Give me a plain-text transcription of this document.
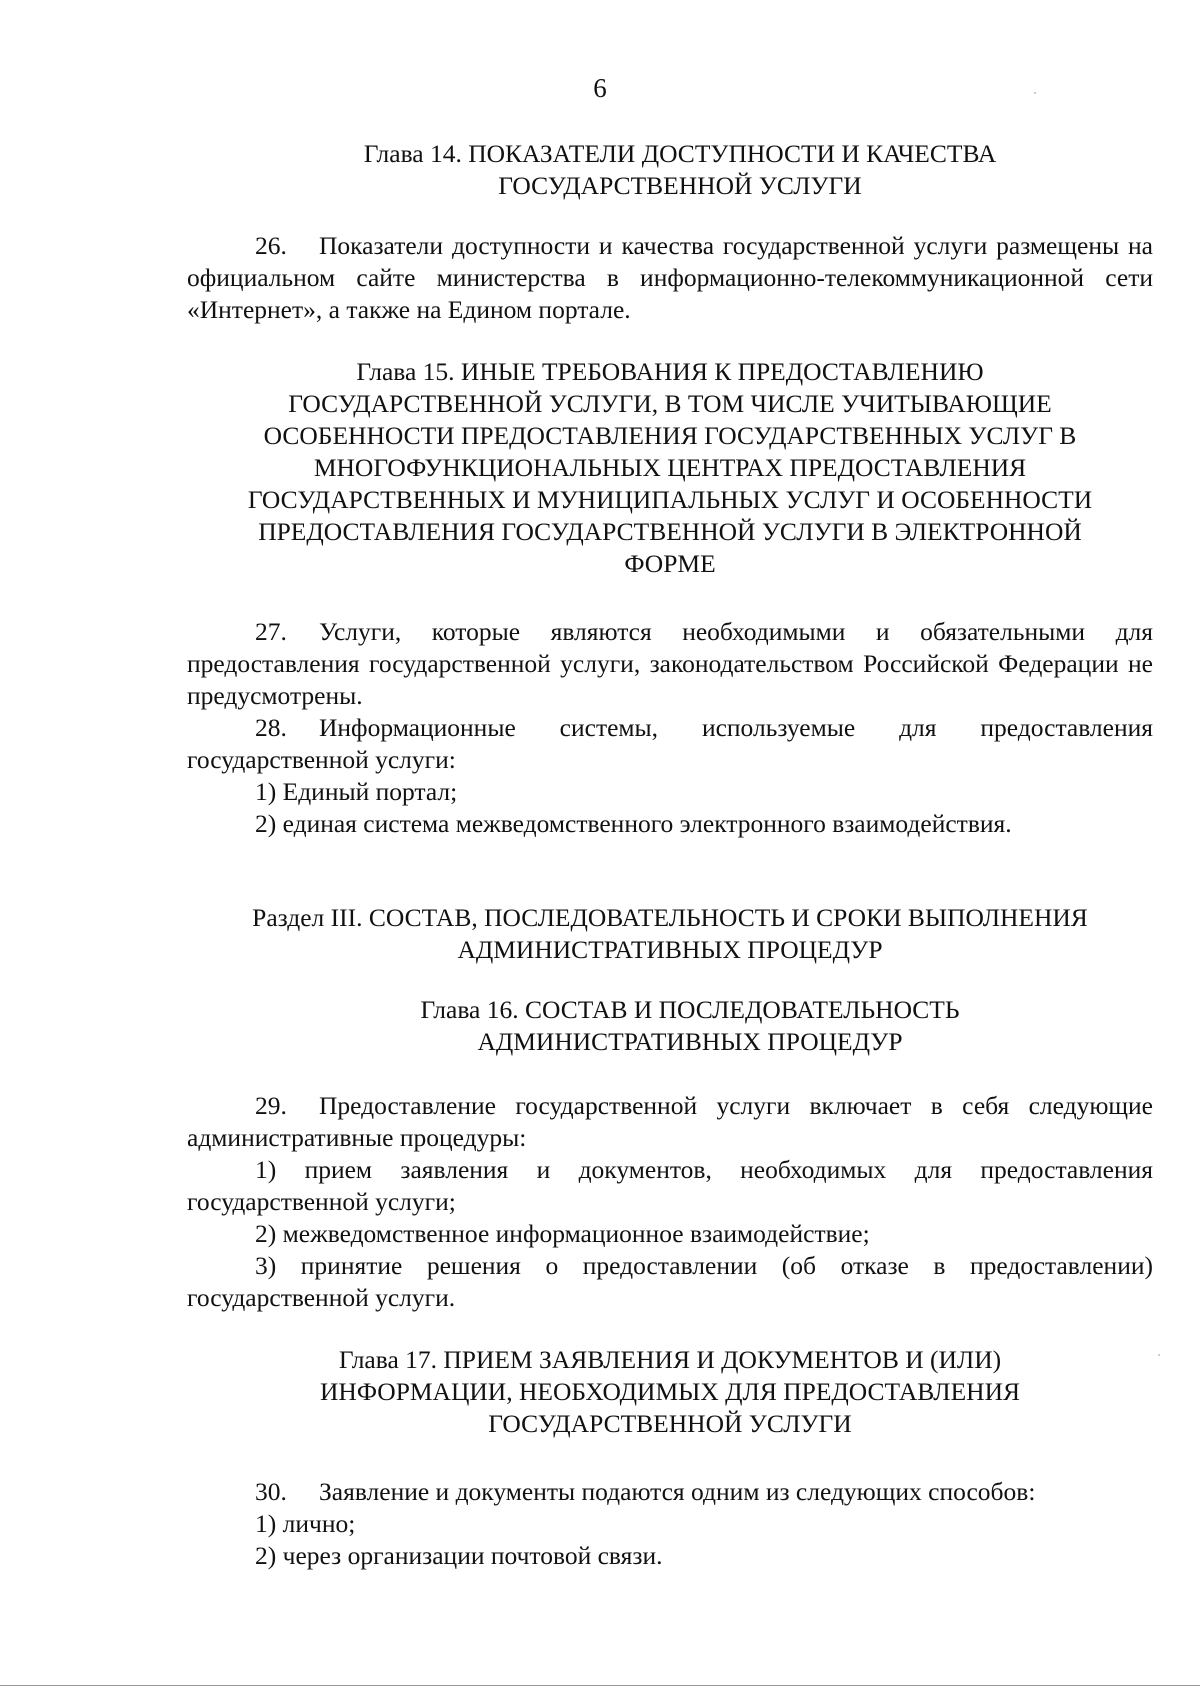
6
Глава 14. ПОКАЗАТЕЛИ ДОСТУПНОСТИ И КАЧЕСТВА
ГОСУДАРСТВЕННОЙ УСЛУГИ

26. Показатели доступности и качества государственной услуги размещены на официальном сайте министерства в информационно-телекоммуникационной сети «Интернет», а также на Едином портале.

Глава 15. ИНЫЕ ТРЕБОВАНИЯ К ПРЕДОСТАВЛЕНИЮ
ГОСУДАРСТВЕННОЙ УСЛУГИ, В ТОМ ЧИСЛЕ УЧИТЫВАЮЩИЕ
ОСОБЕННОСТИ ПРЕДОСТАВЛЕНИЯ ГОСУДАРСТВЕННЫХ УСЛУГ В
МНОГОФУНКЦИОНАЛЬНЫХ ЦЕНТРАХ ПРЕДОСТАВЛЕНИЯ
ГОСУДАРСТВЕННЫХ И МУНИЦИПАЛЬНЫХ УСЛУГ И ОСОБЕННОСТИ
ПРЕДОСТАВЛЕНИЯ ГОСУДАРСТВЕННОЙ УСЛУГИ В ЭЛЕКТРОННОЙ
ФОРМЕ

27. Услуги, которые являются необходимыми и обязательными для предоставления государственной услуги, законодательством Российской Федерации не предусмотрены.

28. Информационные системы, используемые для предоставления государственной услуги:

1) Единый портал;

2) единая система межведомственного электронного взаимодействия.

Раздел III. СОСТАВ, ПОСЛЕДОВАТЕЛЬНОСТЬ И СРОКИ ВЫПОЛНЕНИЯ
АДМИНИСТРАТИВНЫХ ПРОЦЕДУР
Глава 16. СОСТАВ И ПОСЛЕДОВАТЕЛЬНОСТЬ
АДМИНИСТРАТИВНЫХ ПРОЦЕДУР

29. Предоставление государственной услуги включает в себя следующие административные процедуры:

1) прием заявления и документов, необходимых для предоставления государственной услуги;

2) межведомственное информационное взаимодействие;

3) принятие решения о предоставлении (об отказе в предоставлении) государственной услуги.

Глава 17. ПРИЕМ ЗАЯВЛЕНИЯ И ДОКУМЕНТОВ И (ИЛИ)
ИНФОРМАЦИИ, НЕОБХОДИМЫХ ДЛЯ ПРЕДОСТАВЛЕНИЯ
ГОСУДАРСТВЕННОЙ УСЛУГИ

30. Заявление и документы подаются одним из следующих способов:

1) лично;

2) через организации почтовой связи.
